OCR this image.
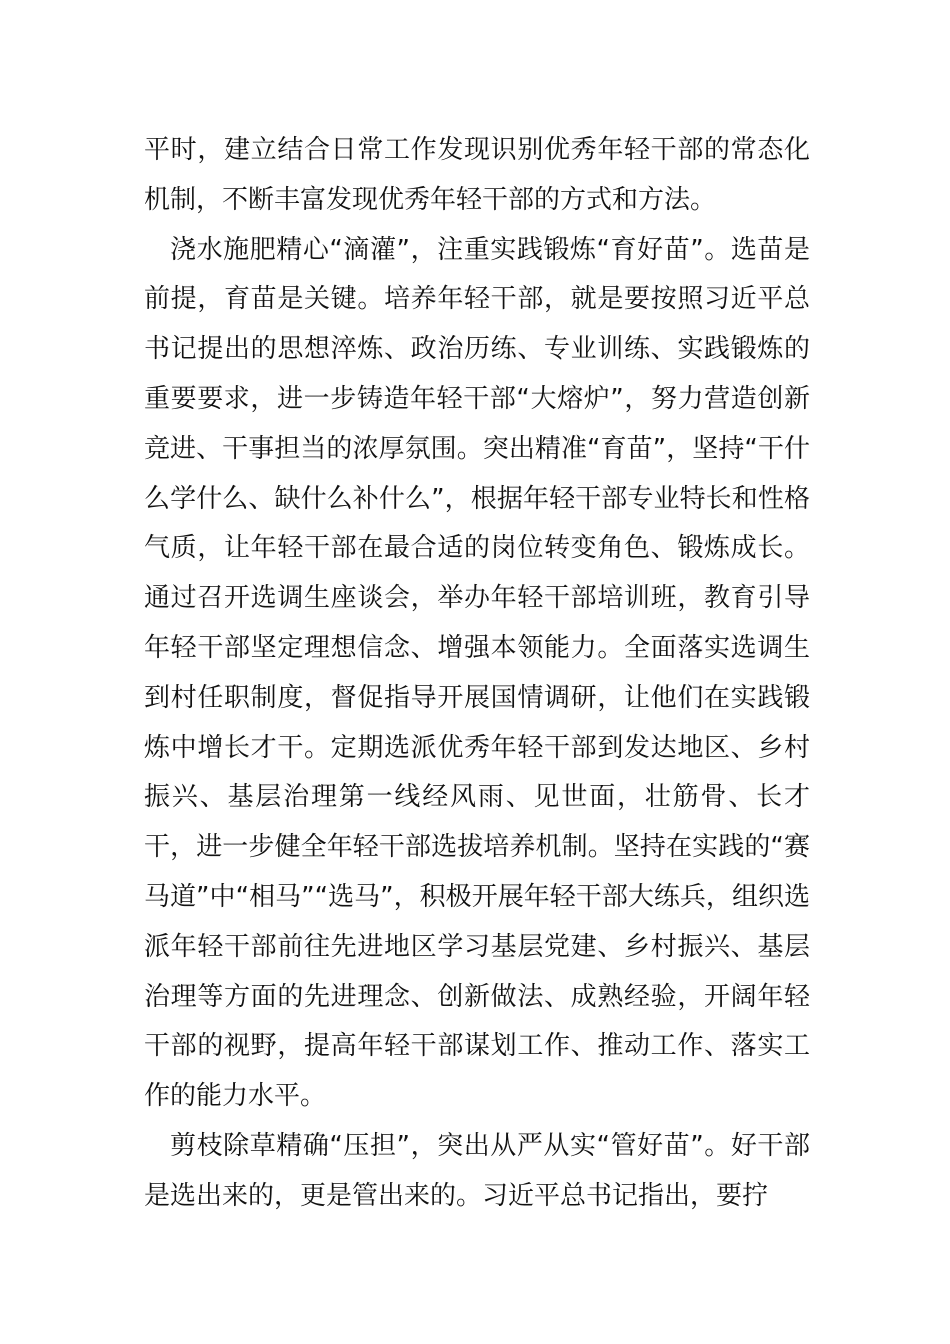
平时，建立结合日常工作发现识别优秀年轻干部的常态化机制，不断丰富发现优秀年轻干部的方式和方法。

浇水施肥精心“滴灌”，注重实践锻炼“育好苗”。选苗是前提，育苗是关键。培养年轻干部，就是要按照习近平总书记提出的思想淬炼、政治历练、专业训练、实践锻炼的重要要求，进一步铸造年轻干部“大熔炉”，努力营造创新竞进、干事担当的浓厚氛围。突出精准“育苗”，坚持“干什么学什么、缺什么补什么”，根据年轻干部专业特长和性格气质，让年轻干部在最合适的岗位转变角色、锻炼成长。通过召开选调生座谈会，举办年轻干部培训班，教育引导年轻干部坚定理想信念、增强本领能力。全面落实选调生到村任职制度，督促指导开展国情调研，让他们在实践锻炼中增长才干。定期选派优秀年轻干部到发达地区、乡村振兴、基层治理第一线经风雨、见世面，壮筋骨、长才干，进一步健全年轻干部选拔培养机制。坚持在实践的“赛马道”中“相马”“选马”，积极开展年轻干部大练兵，组织选派年轻干部前往先进地区学习基层党建、乡村振兴、基层治理等方面的先进理念、创新做法、成熟经验，开阔年轻干部的视野，提高年轻干部谋划工作、推动工作、落实工作的能力水平。

剪枝除草精确“压担”，突出从严从实“管好苗”。好干部是选出来的，更是管出来的。习近平总书记指出，要拧
